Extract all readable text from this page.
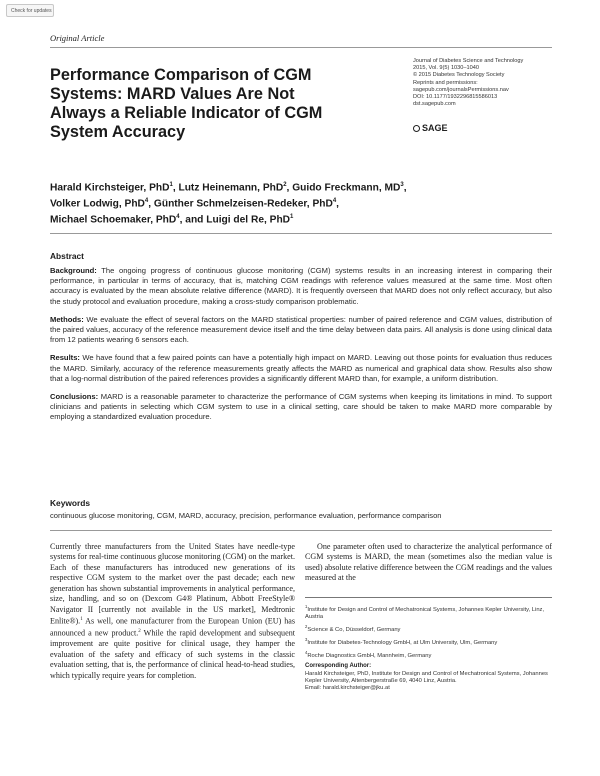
Check for updates
Original Article
Performance Comparison of CGM
Systems: MARD Values Are Not
Always a Reliable Indicator of CGM
System Accuracy
Journal of Diabetes Science and Technology
2015, Vol. 9(5) 1030–1040
© 2015 Diabetes Technology Society
Reprints and permissions:
sagepub.com/journalsPermissions.nav
DOI: 10.1177/1932296815586013
dst.sagepub.com
SAGE
Harald Kirchsteiger, PhD$^1$, Lutz Heinemann, PhD$^2$, Guido Freckmann, $MD^3$,
Volker Lodwig, PhD$^4$, Günther Schmelzeisen-Redeker, PhD$^4$,
Michael Schoemaker, PhD$^4$, and Luigi del Re, PhD$^1$
Abstract

Background: The ongoing progress of continuous glucose monitoring (CGM) systems results in an increasing interest in comparing their performance, in particular in terms of accuracy, that is, matching CGM readings with reference values measured at the same time. Most often accuracy is evaluated by the mean absolute relative difference (MARD). It is frequently overseen that MARD does not only reflect accuracy, but also the study protocol and evaluation procedure, making a cross-study comparison problematic.

Methods: We evaluate the effect of several factors on the MARD statistical properties: number of paired reference and CGM values, distribution of the paired values, accuracy of the reference measurement device itself and the time delay between data pairs. All analysis is done using clinical data from 12 patients wearing 6 sensors each.

Results: We have found that a few paired points can have a potentially high impact on MARD. Leaving out those points for evaluation thus reduces the MARD. Similarly, accuracy of the reference measurements greatly affects the MARD as numerical and graphical data show. Results also show that a log-normal distribution of the paired references provides a significantly different MARD than, for example, a uniform distribution.

Conclusions: MARD is a reasonable parameter to characterize the performance of CGM systems when keeping its limitations in mind. To support clinicians and patients in selecting which CGM system to use in a clinical setting, care should be taken to make MARD more comparable by employing a standardized evaluation procedure.

Keywords
continuous glucose monitoring, CGM, MARD, accuracy, precision, performance evaluation, performance comparison
Currently three manufacturers from the United States have needle-type systems for real-time continuous glucose monitoring (CGM) on the market. Each of these manufacturers has introduced new generations of its respective CGM system to the market over the past decade; each new generation has shown substantial improvements in analytical performance, size, handling, and so on (Dexcom G4® Platinum, Abbott FreeStyle® Navigator II [currently not available in the US market], Medtronic Enlite®).$^1$ As well, one manufacturer from the European Union (EU) has announced a new product.$^2$ While the rapid development and subsequent improvement are quite positive for clinical usage, they hamper the evaluation of the safety and efficacy of such systems in the classic evaluation setting, that is, the performance of clinical head-to-head studies, which typically require years for completion.
One parameter often used to characterize the analytical performance of CGM systems is MARD, the mean (sometimes also the median value is used) absolute relative difference between the CGM readings and the values measured at the
$^1$Institute for Design and Control of Mechatronical Systems, Johannes Kepler University, Linz, Austria
$^2$Science & Co, Düsseldorf, Germany
$^3$Institute for Diabetes-Technology GmbH, at Ulm University, Ulm, Germany
$^4$Roche Diagnostics GmbH, Mannheim, Germany
Corresponding Author:
Harald Kirchsteiger, PhD, Institute for Design and Control of Mechatronical Systems, Johannes Kepler University, Altenbergerstraße 69, 4040 Linz, Austria.
Email: harald.kirchsteiger@jku.at
